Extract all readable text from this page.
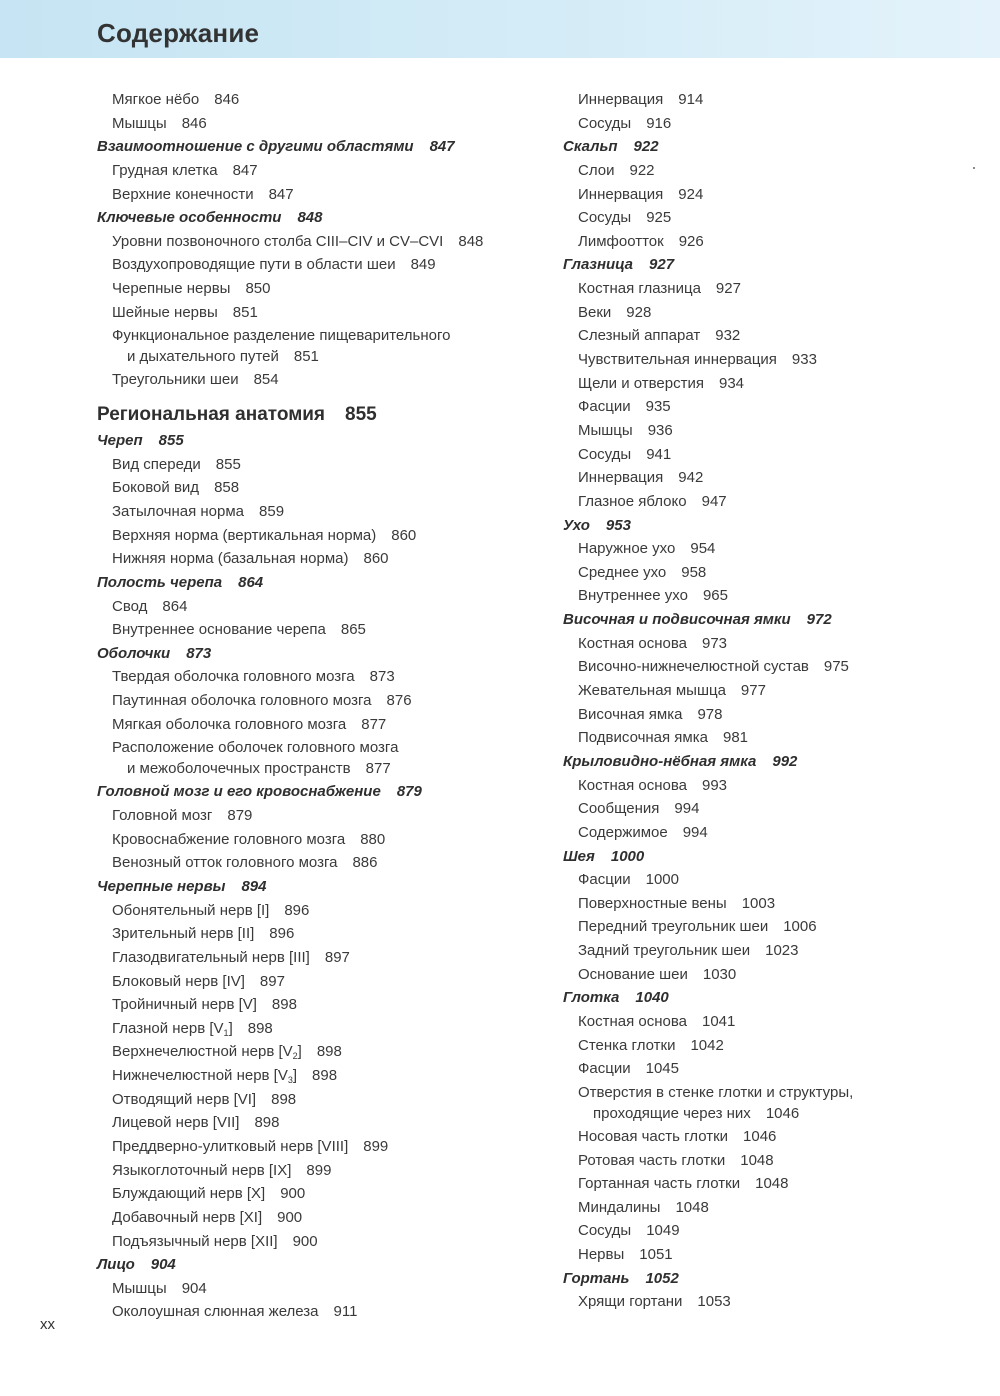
Содержание
Мягкое нёбо 846
Мышцы 846
Взаимоотношение с другими областями 847
Грудная клетка 847
Верхние конечности 847
Ключевые особенности 848
Уровни позвоночного столба CIII–CIV и CV–CVI 848
Воздухопроводящие пути в области шеи 849
Черепные нервы 850
Шейные нервы 851
Функциональное разделение пищеварительного
и дыхательного путей 851
Треугольники шеи 854
Региональная анатомия 855
Череп 855
Вид спереди 855
Боковой вид 858
Затылочная норма 859
Верхняя норма (вертикальная норма) 860
Нижняя норма (базальная норма) 860
Полость черепа 864
Свод 864
Внутреннее основание черепа 865
Оболочки 873
Твердая оболочка головного мозга 873
Паутинная оболочка головного мозга 876
Мягкая оболочка головного мозга 877
Расположение оболочек головного мозга
и межоболочечных пространств 877
Головной мозг и его кровоснабжение 879
Головной мозг 879
Кровоснабжение головного мозга 880
Венозный отток головного мозга 886
Черепные нервы 894
Обонятельный нерв [I] 896
Зрительный нерв [II] 896
Глазодвигательный нерв [III] 897
Блоковый нерв [IV] 897
Тройничный нерв [V] 898
Глазной нерв $[V_1]$ 898
Верхнечелюстной нерв $[V_2]$ 898
Нижнечелюстной нерв $[V_3]$ 898
Отводящий нерв [VI] 898
Лицевой нерв [VII] 898
Преддверно-улитковый нерв [VIII] 899
Языкоглоточный нерв [IX] 899
Блуждающий нерв [X] 900
Добавочный нерв [XI] 900
Подъязычный нерв [XII] 900
Лицо 904
Мышцы 904
Околоушная слюнная железа 911
Иннервация 914
Сосуды 916
Скальп 922
Слои 922
Иннервация 924
Сосуды 925
Лимфоотток 926
Глазница 927
Костная глазница 927
Веки 928
Слезный аппарат 932
Чувствительная иннервация 933
Щели и отверстия 934
Фасции 935
Мышцы 936
Сосуды 941
Иннервация 942
Глазное яблоко 947
Ухо 953
Наружное ухо 954
Среднее ухо 958
Внутреннее ухо 965
Височная и подвисочная ямки 972
Костная основа 973
Височно-нижнечелюстной сустав 975
Жевательная мышца 977
Височная ямка 978
Подвисочная ямка 981
Крыловидно-нёбная ямка 992
Костная основа 993
Сообщения 994
Содержимое 994
Шея 1000
Фасции 1000
Поверхностные вены 1003
Передний треугольник шеи 1006
Задний треугольник шеи 1023
Основание шеи 1030
Глотка 1040
Костная основа 1041
Стенка глотки 1042
Фасции 1045
Отверстия в стенке глотки и структуры,
проходящие через них 1046
Носовая часть глотки 1046
Ротовая часть глотки 1048
Гортанная часть глотки 1048
Миндалины 1048
Сосуды 1049
Нервы 1051
Гортань 1052
Хрящи гортани 1053
xx
